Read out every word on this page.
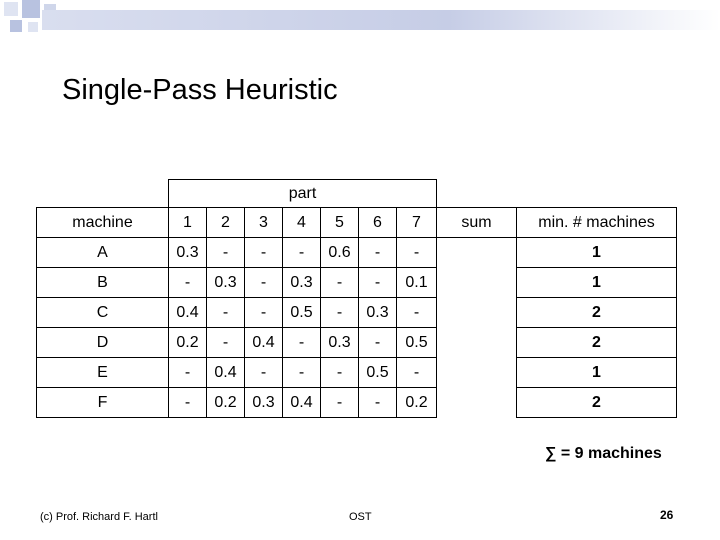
Single-Pass Heuristic
	part								
machine	1	2	3	4	5	6	7	sum	min. # machines
A	0.3	-	-	-	0.6	-	-		1
B	-	0.3	-	0.3	-	-	0.1		1
C	0.4	-	-	0.5	-	0.3	-		2
D	0.2	-	0.4	-	0.3	-	0.5		2
E	-	0.4	-	-	-	0.5	-		1
F	-	0.2	0.3	0.4	-	-	0.2		2
∑ = 9 machines
(c) Prof. Richard F. Hartl	OST	26
